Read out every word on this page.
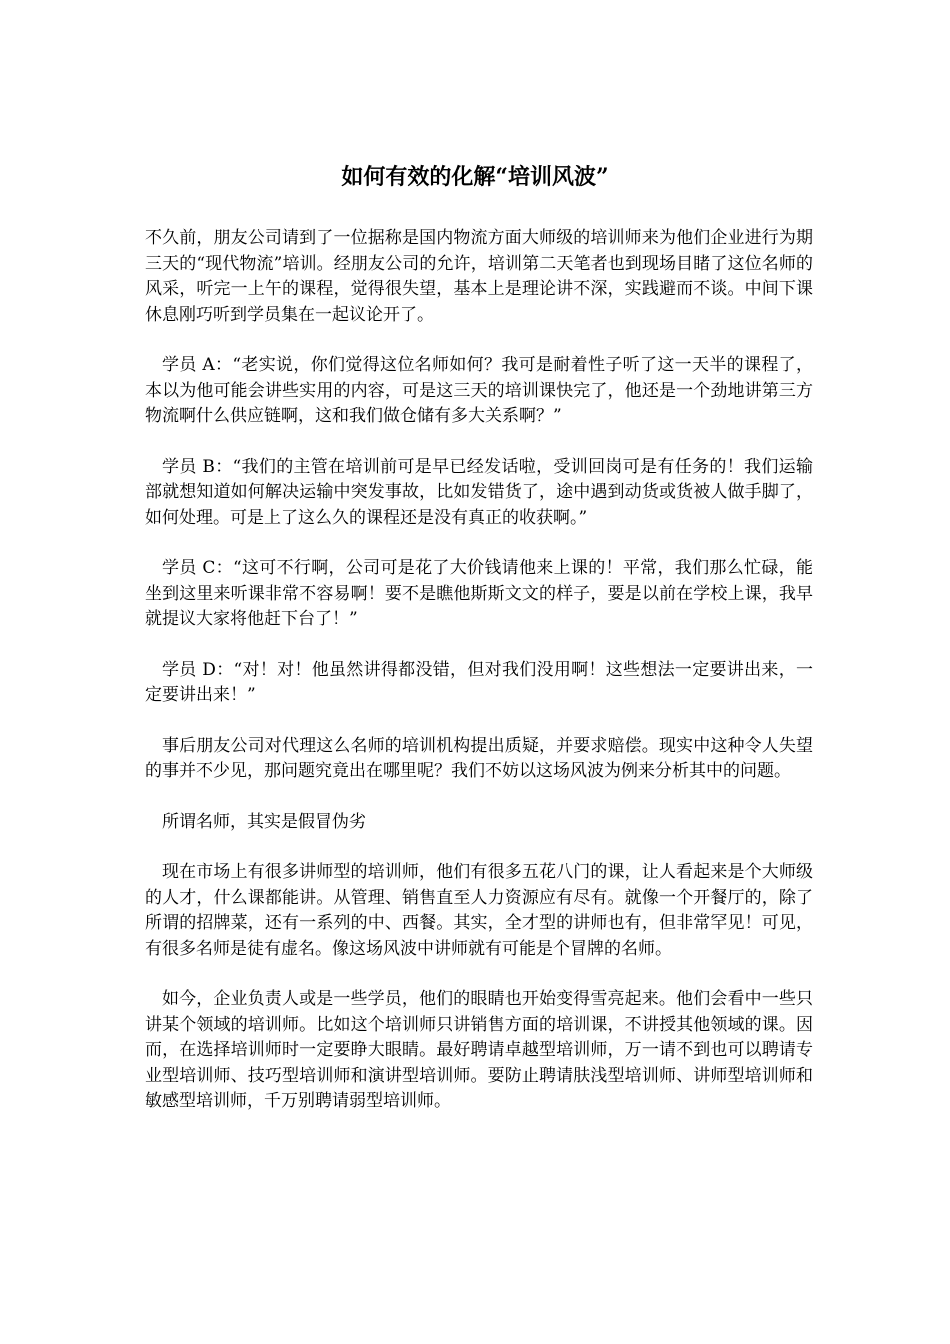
如何有效的化解“培训风波”

不久前，朋友公司请到了一位据称是国内物流方面大师级的培训师来为他们企业进行为期三天的“现代物流”培训。经朋友公司的允许，培训第二天笔者也到现场目睹了这位名师的风采，听完一上午的课程，觉得很失望，基本上是理论讲不深，实践避而不谈。中间下课休息刚巧听到学员集在一起议论开了。

学员 A：“老实说，你们觉得这位名师如何？我可是耐着性子听了这一天半的课程了，本以为他可能会讲些实用的内容，可是这三天的培训课快完了，他还是一个劲地讲第三方物流啊什么供应链啊，这和我们做仓储有多大关系啊？”

学员 B：“我们的主管在培训前可是早已经发话啦，受训回岗可是有任务的！我们运输部就想知道如何解决运输中突发事故，比如发错货了，途中遇到动货或货被人做手脚了，如何处理。可是上了这么久的课程还是没有真正的收获啊。”

学员 C：“这可不行啊，公司可是花了大价钱请他来上课的！平常，我们那么忙碌，能坐到这里来听课非常不容易啊！要不是瞧他斯斯文文的样子，要是以前在学校上课，我早就提议大家将他赶下台了！”

学员 D：“对！对！他虽然讲得都没错，但对我们没用啊！这些想法一定要讲出来，一定要讲出来！”

事后朋友公司对代理这么名师的培训机构提出质疑，并要求赔偿。现实中这种令人失望的事并不少见，那问题究竟出在哪里呢？我们不妨以这场风波为例来分析其中的问题。

所谓名师，其实是假冒伪劣

现在市场上有很多讲师型的培训师，他们有很多五花八门的课，让人看起来是个大师级的人才，什么课都能讲。从管理、销售直至人力资源应有尽有。就像一个开餐厅的，除了所谓的招牌菜，还有一系列的中、西餐。其实，全才型的讲师也有，但非常罕见！可见，有很多名师是徒有虚名。像这场风波中讲师就有可能是个冒牌的名师。

如今，企业负责人或是一些学员，他们的眼睛也开始变得雪亮起来。他们会看中一些只讲某个领域的培训师。比如这个培训师只讲销售方面的培训课，不讲授其他领域的课。因而，在选择培训师时一定要睁大眼睛。最好聘请卓越型培训师，万一请不到也可以聘请专业型培训师、技巧型培训师和演讲型培训师。要防止聘请肤浅型培训师、讲师型培训师和敏感型培训师，千万别聘请弱型培训师。
